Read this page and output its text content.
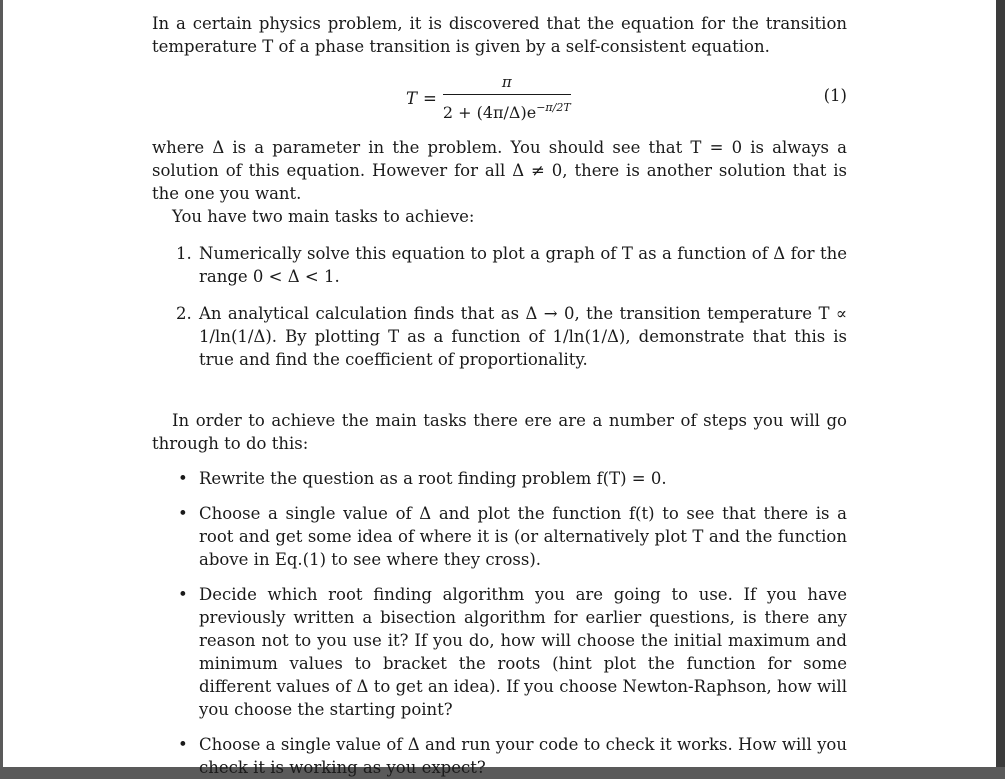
In a certain physics problem, it is discovered that the equation for the transition temperature T of a phase transition is given by a self-consistent equation.

$T = \frac{\pi}{2 + (4\pi/\Delta)e^{-\pi/2T}}$	(1)

where Δ is a parameter in the problem. You should see that T = 0 is always a solution of this equation. However for all Δ ≠ 0, there is another solution that is the one you want.

You have two main tasks to achieve:

1. Numerically solve this equation to plot a graph of T as a function of Δ for the range 0 < Δ < 1.
2. An analytical calculation finds that as Δ → 0, the transition temperature T ∝ 1/ln(1/Δ). By plotting T as a function of 1/ln(1/Δ), demonstrate that this is true and find the coefficient of proportionality.

In order to achieve the main tasks there ere are a number of steps you will go through to do this:

• Rewrite the question as a root finding problem f(T) = 0.
• Choose a single value of Δ and plot the function f(t) to see that there is a root and get some idea of where it is (or alternatively plot T and the function above in Eq.(1) to see where they cross).
• Decide which root finding algorithm you are going to use. If you have previously written a bisection algorithm for earlier questions, is there any reason not to you use it? If you do, how will choose the initial maximum and minimum values to bracket the roots (hint plot the function for some different values of Δ to get an idea). If you choose Newton-Raphson, how will you choose the starting point?
• Choose a single value of Δ and run your code to check it works. How will you check it is working as you expect?
